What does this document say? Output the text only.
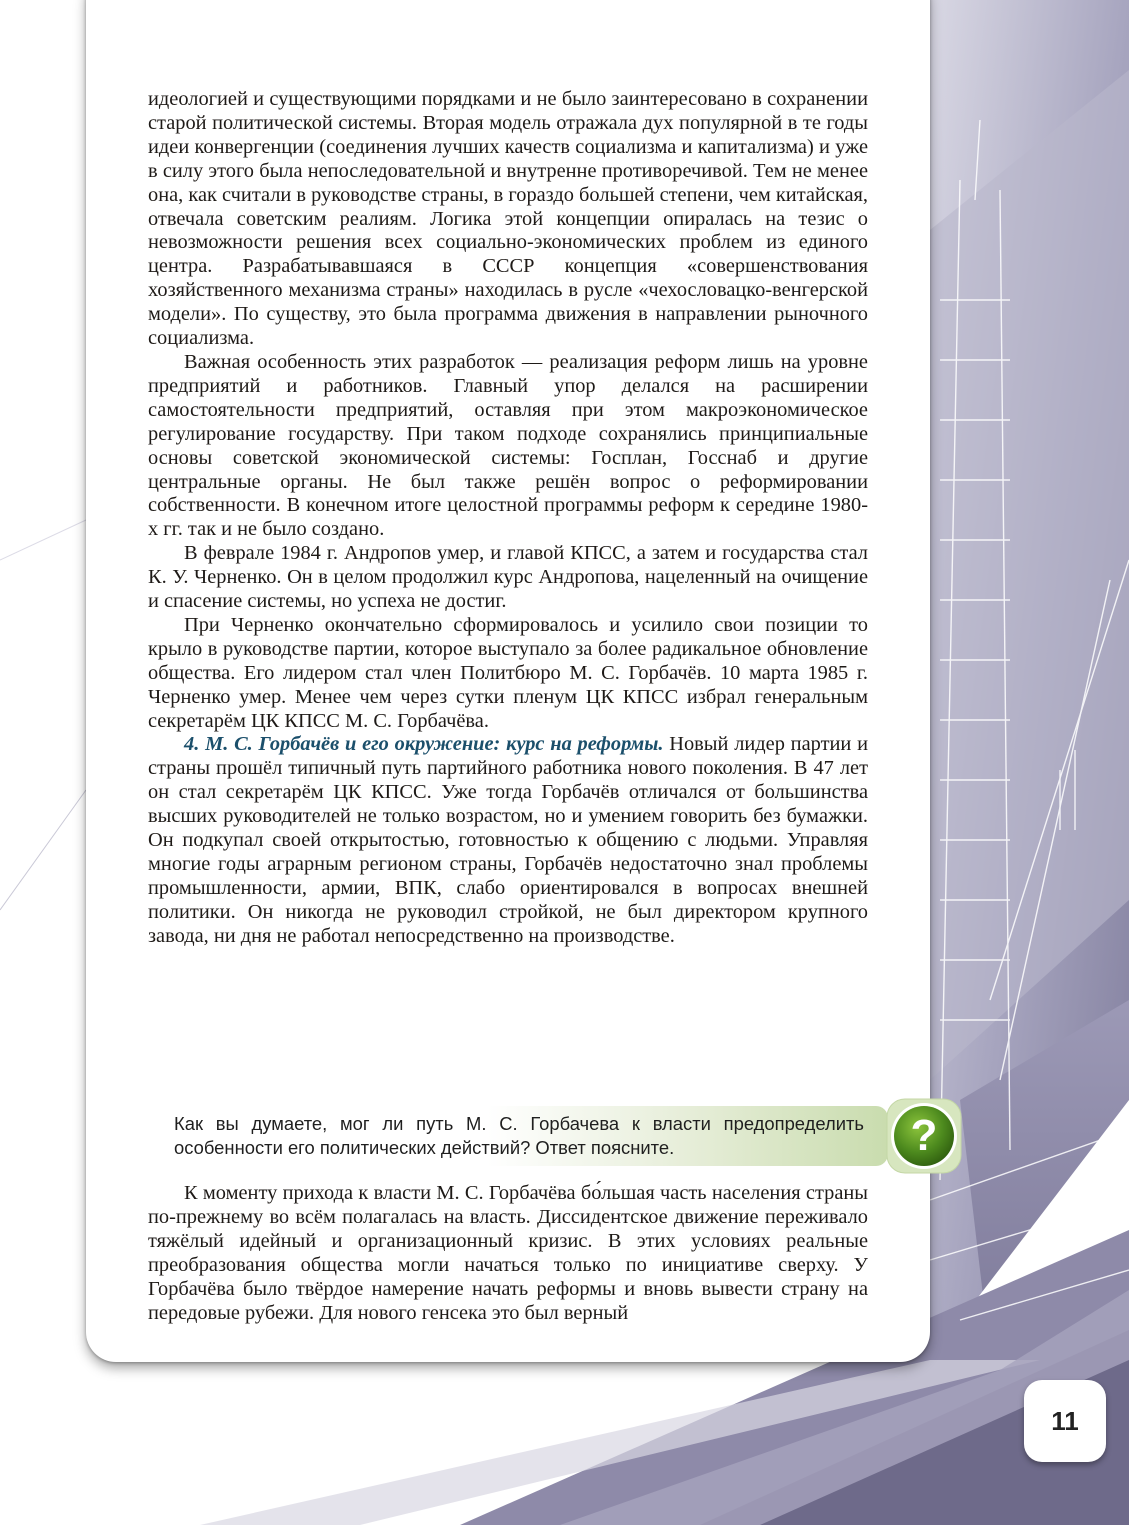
идеологией и существующими порядками и не было заинтересовано в сохранении старой политической системы. Вторая модель отражала дух популярной в те годы идеи конвергенции (соединения лучших качеств социализма и капитализма) и уже в силу этого была непоследовательной и внутренне противоречивой. Тем не менее она, как считали в руководстве страны, в гораздо большей степени, чем китайская, отвечала советским реалиям. Логика этой концепции опиралась на тезис о невозможности решения всех социально-экономических проблем из единого центра. Разрабатывавшаяся в СССР концепция «совершенствования хозяйственного механизма страны» находилась в русле «чехословацко-венгерской модели». По существу, это была программа движения в направлении рыночного социализма.

Важная особенность этих разработок — реализация реформ лишь на уровне предприятий и работников. Главный упор делался на расширении самостоятельности предприятий, оставляя при этом макроэкономическое регулирование государству. При таком подходе сохранялись принципиальные основы советской экономической системы: Госплан, Госснаб и другие центральные органы. Не был также решён вопрос о реформировании собственности. В конечном итоге целостной программы реформ к середине 1980-х гг. так и не было создано.

В феврале 1984 г. Андропов умер, и главой КПСС, а затем и государства стал К. У. Черненко. Он в целом продолжил курс Андропова, нацеленный на очищение и спасение системы, но успеха не достиг.

При Черненко окончательно сформировалось и усилило свои позиции то крыло в руководстве партии, которое выступало за более радикальное обновление общества. Его лидером стал член Политбюро М. С. Горбачёв. 10 марта 1985 г. Черненко умер. Менее чем через сутки пленум ЦК КПСС избрал генеральным секретарём ЦК КПСС М. С. Горбачёва.

4. М. С. Горбачёв и его окружение: курс на реформы. Новый лидер партии и страны прошёл типичный путь партийного работника нового поколения. В 47 лет он стал секретарём ЦК КПСС. Уже тогда Горбачёв отличался от большинства высших руководителей не только возрастом, но и умением говорить без бумажки. Он подкупал своей открытостью, готовностью к общению с людьми. Управляя многие годы аграрным регионом страны, Горбачёв недостаточно знал проблемы промышленности, армии, ВПК, слабо ориентировался в вопросах внешней политики. Он никогда не руководил стройкой, не был директором крупного завода, ни дня не работал непосредственно на производстве.

Как вы думаете, мог ли путь М. С. Горбачева к власти предопределить особенности его политических действий? Ответ поясните.	?

К моменту прихода к власти М. С. Горбачёва бо́льшая часть населения страны по-прежнему во всём полагалась на власть. Диссидентское движение переживало тяжёлый идейный и организационный кризис. В этих условиях реальные преобразования общества могли начаться только по инициативе сверху. У Горбачёва было твёрдое намерение начать реформы и вновь вывести страну на передовые рубежи. Для нового генсека это был верный

11
